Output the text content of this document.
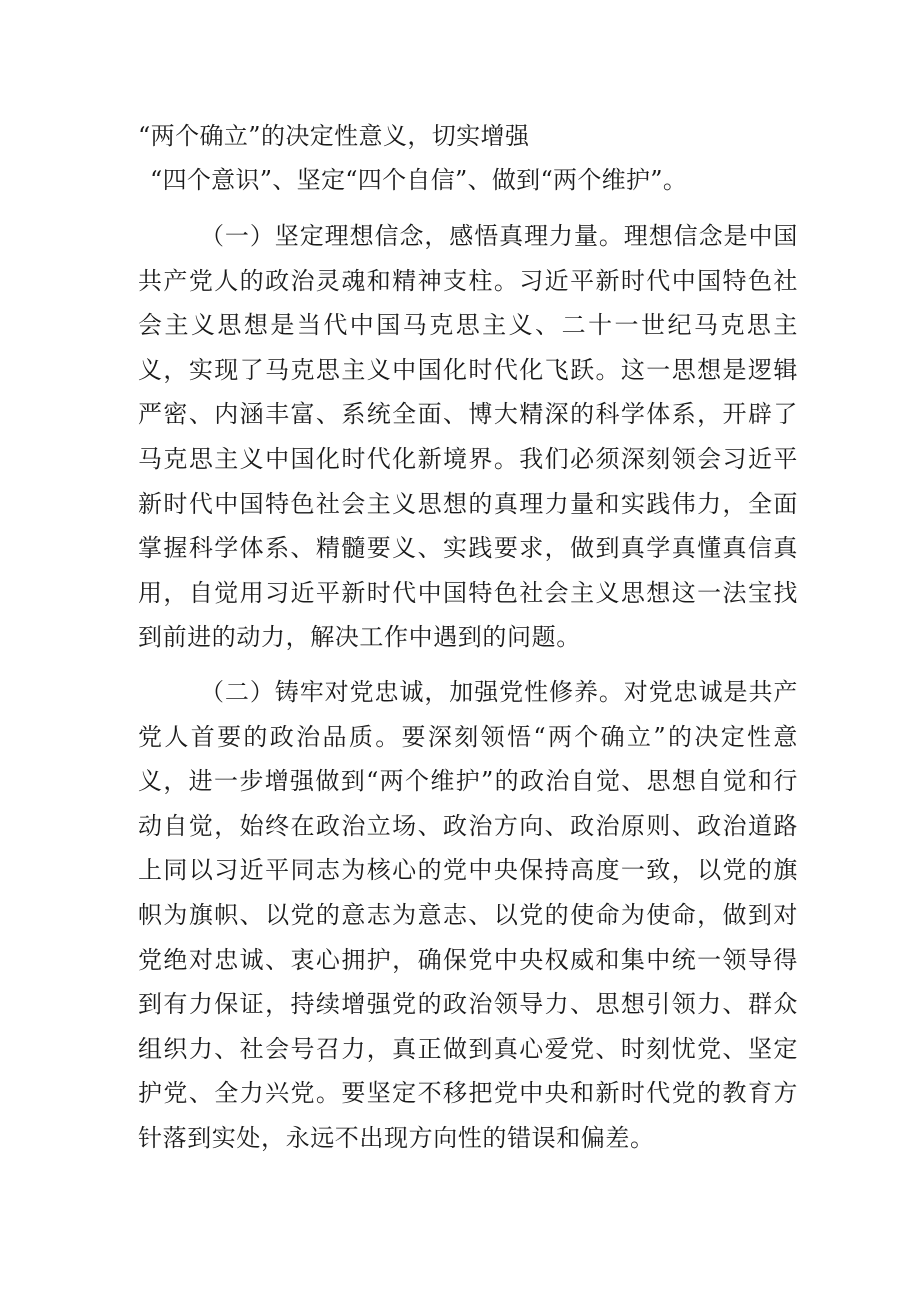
“两个确立”的决定性意义，切实增强

“四个意识”、坚定“四个自信”、做到“两个维护”。

（一）坚定理想信念，感悟真理力量。理想信念是中国共产党人的政治灵魂和精神支柱。习近平新时代中国特色社会主义思想是当代中国马克思主义、二十一世纪马克思主义，实现了马克思主义中国化时代化飞跃。这一思想是逻辑严密、内涵丰富、系统全面、博大精深的科学体系，开辟了马克思主义中国化时代化新境界。我们必须深刻领会习近平新时代中国特色社会主义思想的真理力量和实践伟力，全面掌握科学体系、精髓要义、实践要求，做到真学真懂真信真用，自觉用习近平新时代中国特色社会主义思想这一法宝找到前进的动力，解决工作中遇到的问题。

（二）铸牢对党忠诚，加强党性修养。对党忠诚是共产党人首要的政治品质。要深刻领悟“两个确立”的决定性意义，进一步增强做到“两个维护”的政治自觉、思想自觉和行动自觉，始终在政治立场、政治方向、政治原则、政治道路上同以习近平同志为核心的党中央保持高度一致，以党的旗帜为旗帜、以党的意志为意志、以党的使命为使命，做到对党绝对忠诚、衷心拥护，确保党中央权威和集中统一领导得到有力保证，持续增强党的政治领导力、思想引领力、群众组织力、社会号召力，真正做到真心爱党、时刻忧党、坚定护党、全力兴党。要坚定不移把党中央和新时代党的教育方针落到实处，永远不出现方向性的错误和偏差。
